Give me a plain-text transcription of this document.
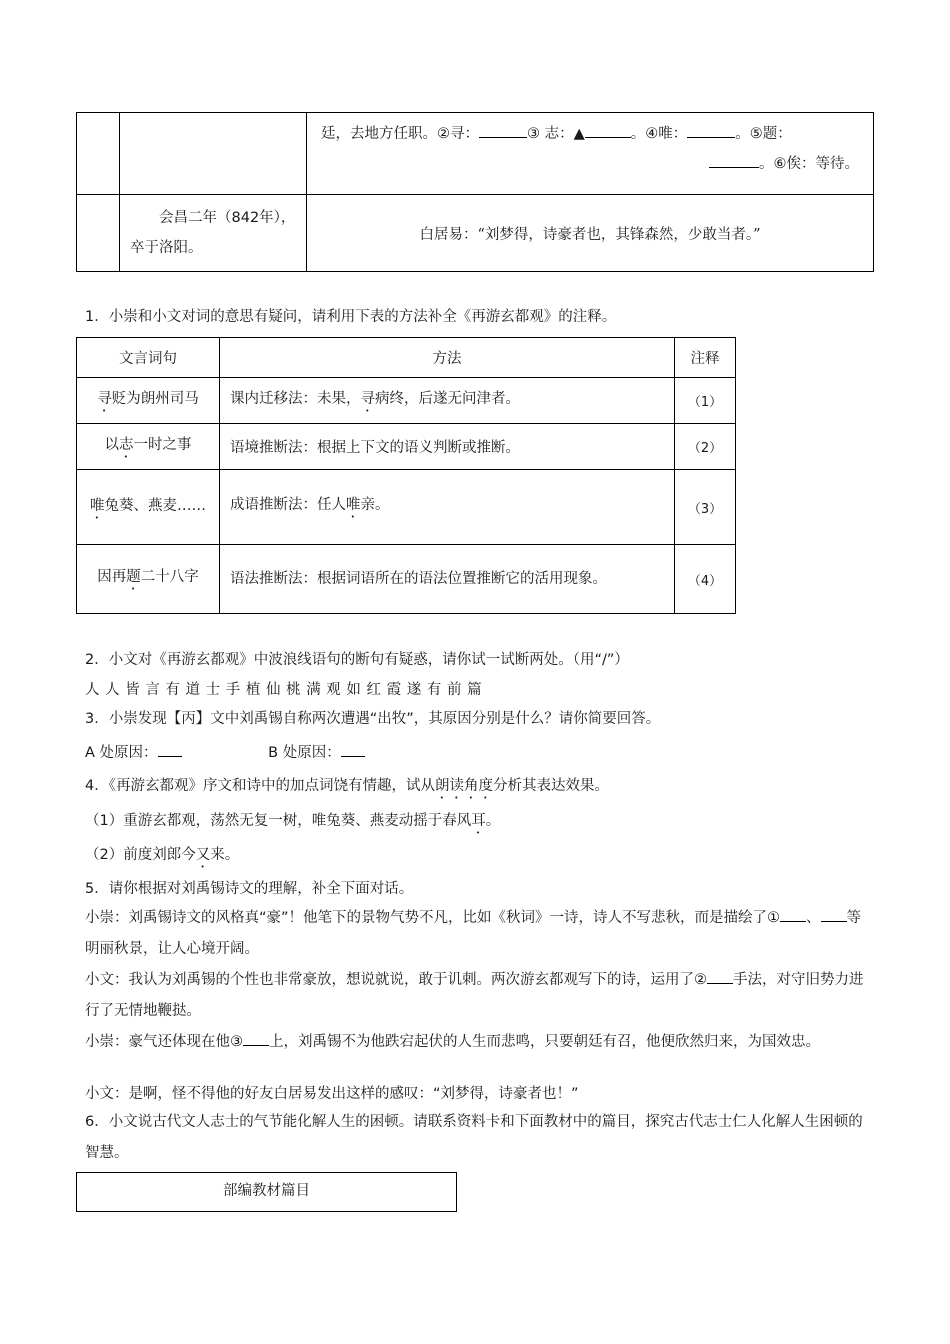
		廷，去地方任职。②寻： ③ 志：▲ 。④唯： 。⑤题：
。⑥俟：等待。

	会昌二年（842年），卒于洛阳。	白居易：“刘梦得，诗豪者也，其锋森然，少敢当者。”
1．小崇和小文对词的意思有疑问，请利用下表的方法补全《再游玄都观》的注释。
文言词句	方法	注释
寻贬为朗州司马	课内迁移法：未果，寻病终，后遂无问津者。	（1）
以志一时之事	语境推断法：根据上下文的语义判断或推断。	（2）
唯兔葵、燕麦……	成语推断法：任人唯亲。	（3）
因再题二十八字	语法推断法：根据词语所在的语法位置推断它的活用现象。	（4）
2．小文对《再游玄都观》中波浪线语句的断句有疑惑，请你试一试断两处。（用“/”）
人 人 皆 言 有 道 士 手 植 仙 桃 满 观 如 红 霞 遂 有 前 篇
3．小崇发现【丙】文中刘禹锡自称两次遭遇“出牧”，其原因分别是什么？请你简要回答。
A 处原因：	B 处原因：
4．《再游玄都观》序文和诗中的加点词饶有情趣，试从朗读角度分析其表达效果。
（1）重游玄都观，荡然无复一树，唯兔葵、燕麦动摇于春风耳。
（2）前度刘郎今又来。
5．请你根据对刘禹锡诗文的理解，补全下面对话。
小崇：刘禹锡诗文的风格真“豪”！他笔下的景物气势不凡，比如《秋词》一诗，诗人不写悲秋，而是描绘了① 、 等明丽秋景，让人心境开阔。
小文：我认为刘禹锡的个性也非常豪放，想说就说，敢于讥刺。两次游玄都观写下的诗，运用了② 手法，对守旧势力进行了无情地鞭挞。
小崇：豪气还体现在他③ 上，刘禹锡不为他跌宕起伏的人生而悲鸣，只要朝廷有召，他便欣然归来，为国效忠。
小文：是啊，怪不得他的好友白居易发出这样的感叹：“刘梦得，诗豪者也！”
6．小文说古代文人志士的气节能化解人生的困顿。请联系资料卡和下面教材中的篇目，探究古代志士仁人化解人生困顿的智慧。
部编教材篇目
